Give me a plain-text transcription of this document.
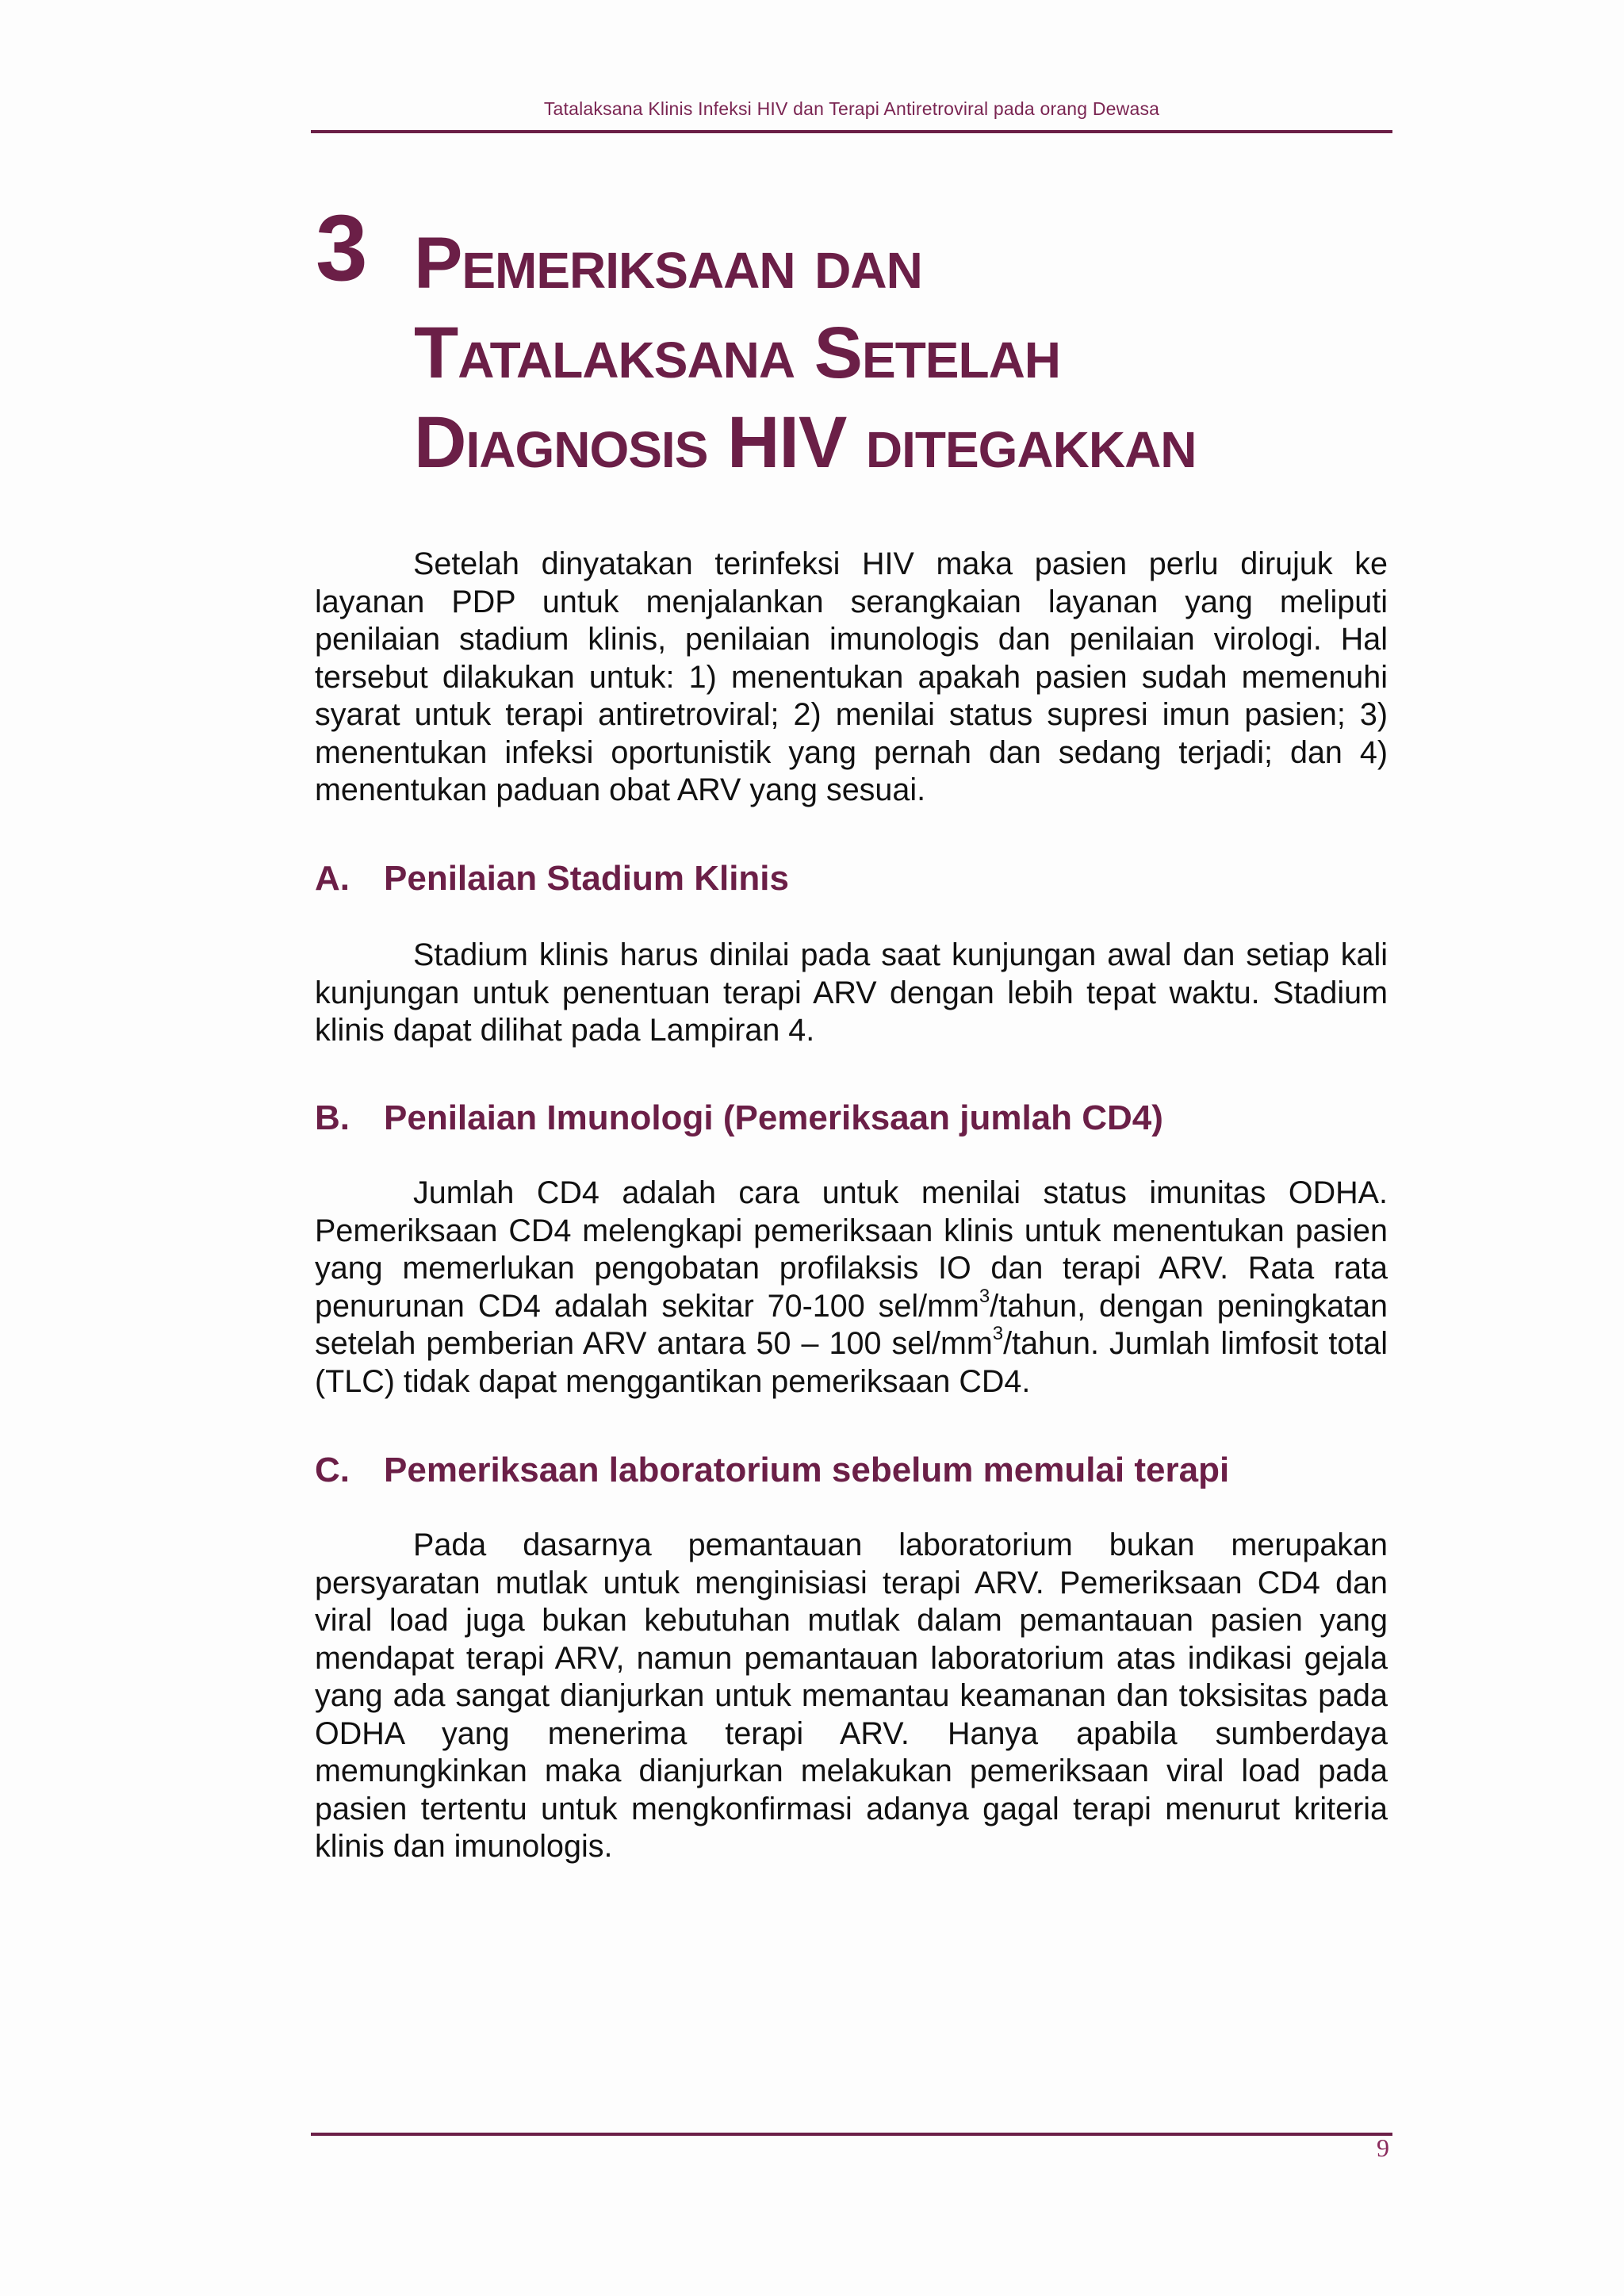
Tatalaksana Klinis Infeksi HIV dan Terapi Antiretroviral pada orang Dewasa
3 Pemeriksaan dan
Tatalaksana Setelah
Diagnosis HIV ditegakkan

Setelah dinyatakan terinfeksi HIV maka pasien perlu dirujuk ke layanan PDP untuk menjalankan serangkaian layanan yang meliputi penilaian stadium klinis, penilaian imunologis dan penilaian virologi. Hal tersebut dilakukan untuk: 1) menentukan apakah pasien sudah memenuhi syarat untuk terapi antiretroviral; 2) menilai status supresi imun pasien; 3) menentukan infeksi oportunistik yang pernah dan sedang terjadi; dan 4) menentukan paduan obat ARV yang sesuai.

A. Penilaian Stadium Klinis

Stadium klinis harus dinilai pada saat kunjungan awal dan setiap kali kunjungan untuk penentuan terapi ARV dengan lebih tepat waktu. Stadium klinis dapat dilihat pada Lampiran 4.

B. Penilaian Imunologi (Pemeriksaan jumlah CD4)

Jumlah CD4 adalah cara untuk menilai status imunitas ODHA. Pemeriksaan CD4 melengkapi pemeriksaan klinis untuk menentukan pasien yang memerlukan pengobatan profilaksis IO dan terapi ARV. Rata rata penurunan CD4 adalah sekitar 70-100 sel/$mm^3$/tahun, dengan peningkatan setelah pemberian ARV antara 50 – 100 sel/$mm^3$/tahun. Jumlah limfosit total (TLC) tidak dapat menggantikan pemeriksaan CD4.

C. Pemeriksaan laboratorium sebelum memulai terapi

Pada dasarnya pemantauan laboratorium bukan merupakan persyaratan mutlak untuk menginisiasi terapi ARV. Pemeriksaan CD4 dan viral load juga bukan kebutuhan mutlak dalam pemantauan pasien yang mendapat terapi ARV, namun pemantauan laboratorium atas indikasi gejala yang ada sangat dianjurkan untuk memantau keamanan dan toksisitas pada ODHA yang menerima terapi ARV. Hanya apabila sumberdaya memungkinkan maka dianjurkan melakukan pemeriksaan viral load pada pasien tertentu untuk mengkonfirmasi adanya gagal terapi menurut kriteria klinis dan imunologis.

9
